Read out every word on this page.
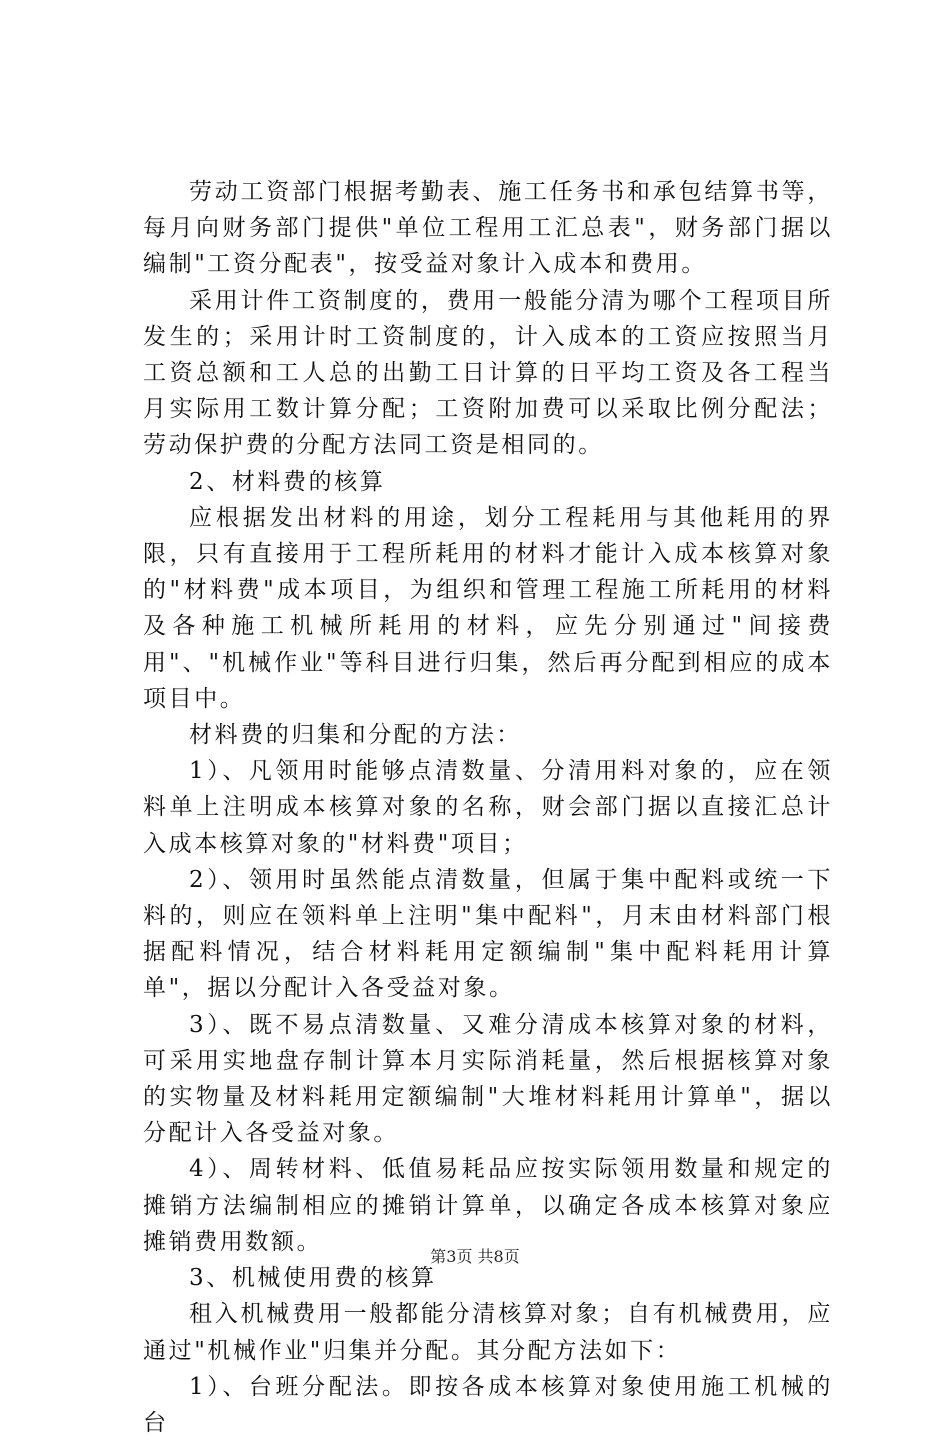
劳动工资部门根据考勤表、施工任务书和承包结算书等，每月向财务部门提供"单位工程用工汇总表"，财务部门据以编制"工资分配表"，按受益对象计入成本和费用。

采用计件工资制度的，费用一般能分清为哪个工程项目所发生的；采用计时工资制度的，计入成本的工资应按照当月工资总额和工人总的出勤工日计算的日平均工资及各工程当月实际用工数计算分配；工资附加费可以采取比例分配法；劳动保护费的分配方法同工资是相同的。

2、材料费的核算

应根据发出材料的用途，划分工程耗用与其他耗用的界限，只有直接用于工程所耗用的材料才能计入成本核算对象的"材料费"成本项目，为组织和管理工程施工所耗用的材料及各种施工机械所耗用的材料，应先分别通过"间接费用"、"机械作业"等科目进行归集，然后再分配到相应的成本项目中。

材料费的归集和分配的方法：

1）、凡领用时能够点清数量、分清用料对象的，应在领料单上注明成本核算对象的名称，财会部门据以直接汇总计入成本核算对象的"材料费"项目；

2）、领用时虽然能点清数量，但属于集中配料或统一下料的，则应在领料单上注明"集中配料"，月末由材料部门根据配料情况，结合材料耗用定额编制"集中配料耗用计算单"，据以分配计入各受益对象。

3）、既不易点清数量、又难分清成本核算对象的材料，可采用实地盘存制计算本月实际消耗量，然后根据核算对象的实物量及材料耗用定额编制"大堆材料耗用计算单"，据以分配计入各受益对象。

4）、周转材料、低值易耗品应按实际领用数量和规定的摊销方法编制相应的摊销计算单，以确定各成本核算对象应摊销费用数额。

3、机械使用费的核算

租入机械费用一般都能分清核算对象；自有机械费用，应通过"机械作业"归集并分配。其分配方法如下：

1）、台班分配法。即按各成本核算对象使用施工机械的台

第3页 共8页
